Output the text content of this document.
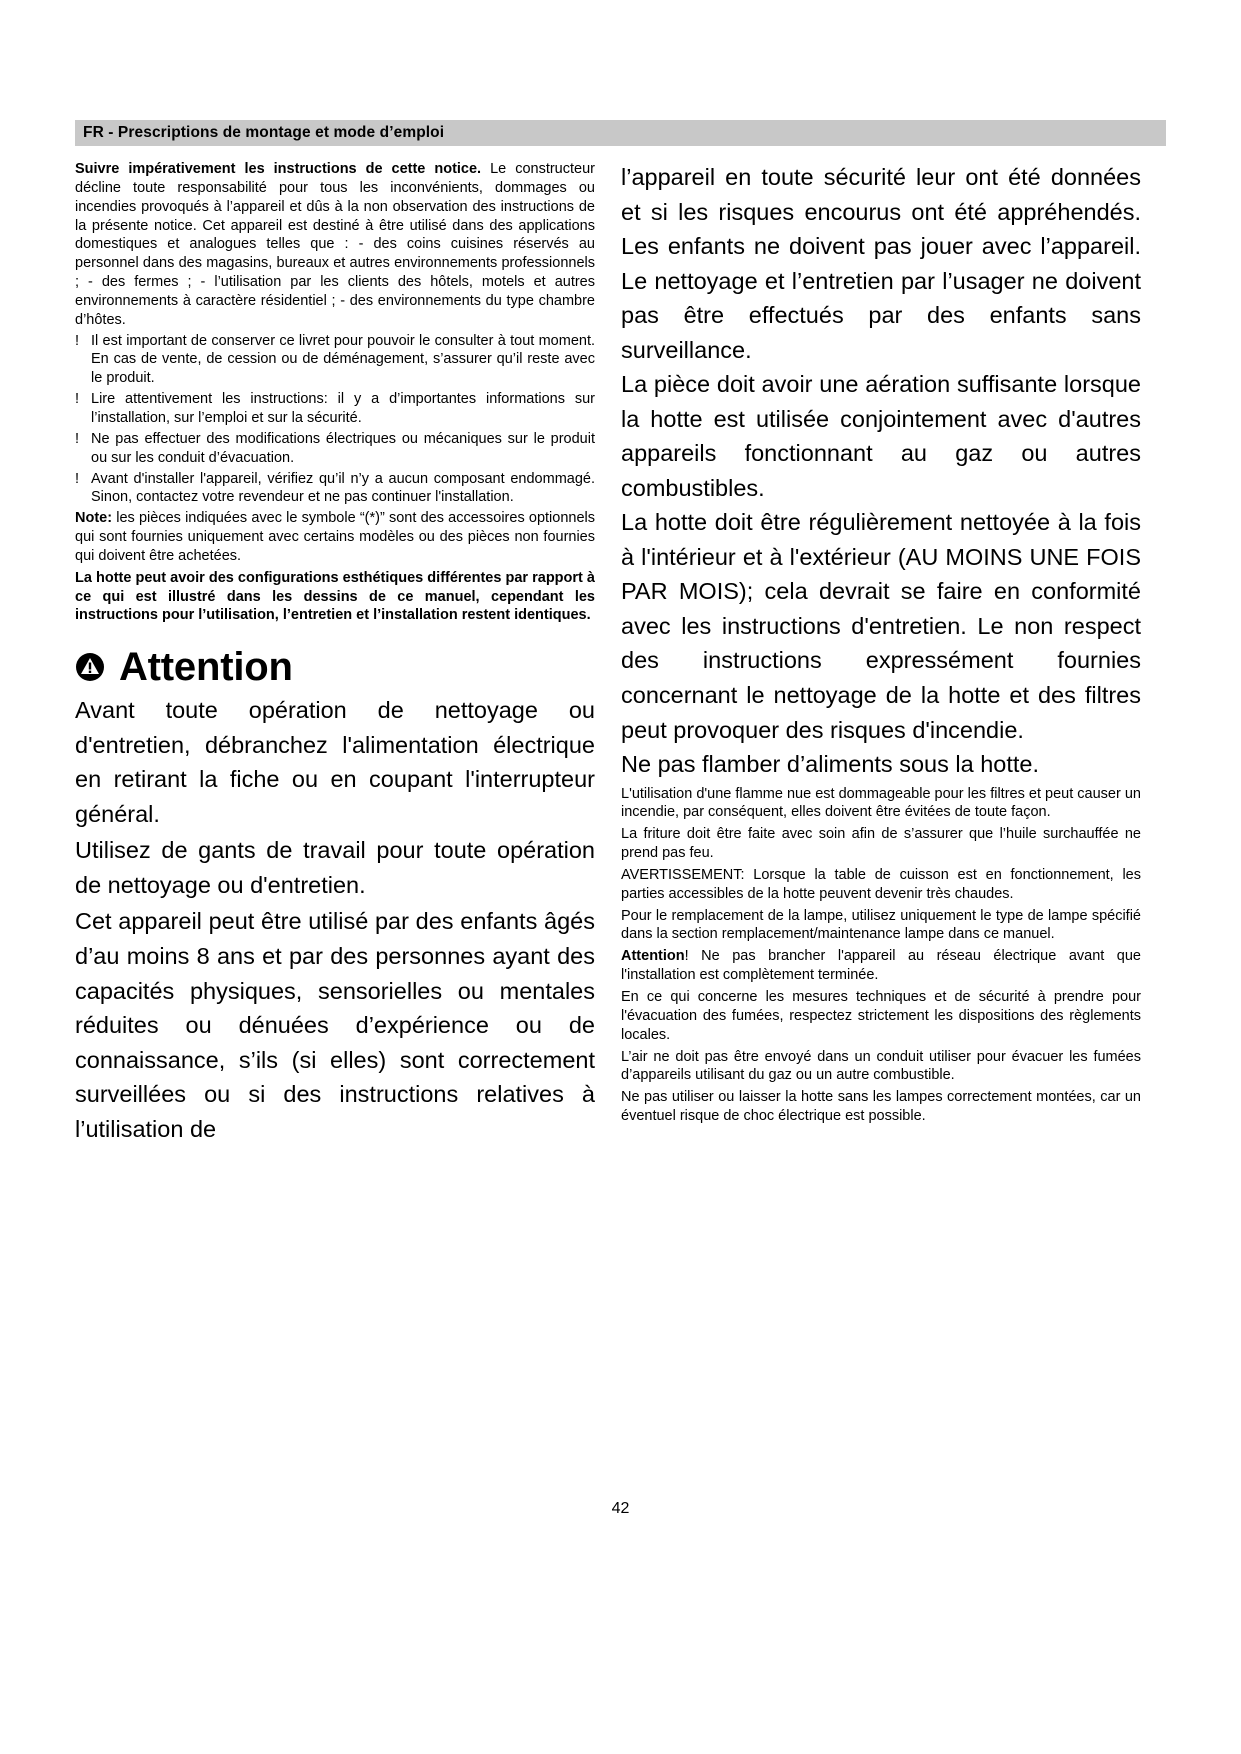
FR - Prescriptions de montage et mode d’emploi

Suivre impérativement les instructions de cette notice. Le constructeur décline toute responsabilité pour tous les inconvénients, dommages ou incendies provoqués à l’appareil et dûs à la non observation des instructions de la présente notice. Cet appareil est destiné à être utilisé dans des applications domestiques et analogues telles que : - des coins cuisines réservés au personnel dans des magasins, bureaux et autres environnements professionnels ; - des fermes ; - l’utilisation par les clients des hôtels, motels et autres environnements à caractère résidentiel ; - des environnements du type chambre d’hôtes.

! Il est important de conserver ce livret pour pouvoir le consulter à tout moment. En cas de vente, de cession ou de déménagement, s’assurer qu’il reste avec le produit.
! Lire attentivement les instructions: il y a d’importantes informations sur l’installation, sur l’emploi et sur la sécurité.
! Ne pas effectuer des modifications électriques ou mécaniques sur le produit ou sur les conduit d’évacuation.
! Avant d'installer l'appareil, vérifiez qu’il n’y a aucun composant endommagé. Sinon, contactez votre revendeur et ne pas continuer l'installation.

Note: les pièces indiquées avec le symbole “(*)” sont des accessoires optionnels qui sont fournies uniquement avec certains modèles ou des pièces non fournies qui doivent être achetées.

La hotte peut avoir des configurations esthétiques différentes par rapport à ce qui est illustré dans les dessins de ce manuel, cependant les instructions pour l’utilisation, l’entretien et l’installation restent identiques.

Attention

Avant toute opération de nettoyage ou d'entretien, débranchez l'alimentation électrique en retirant la fiche ou en coupant l'interrupteur général.

Utilisez de gants de travail pour toute opération de nettoyage ou d'entretien.

Cet appareil peut être utilisé par des enfants âgés d’au moins 8 ans et par des personnes ayant des capacités physiques, sensorielles ou mentales réduites ou dénuées d’expérience ou de connaissance, s’ils (si elles) sont correctement surveillées ou si des instructions relatives à l’utilisation de

l’appareil en toute sécurité leur ont été données et si les risques encourus ont été appréhendés. Les enfants ne doivent pas jouer avec l’appareil. Le nettoyage et l’entretien par l’usager ne doivent pas être effectués par des enfants sans surveillance.

La pièce doit avoir une aération suffisante lorsque la hotte est utilisée conjointement avec d'autres appareils fonctionnant au gaz ou autres combustibles.

La hotte doit être régulièrement nettoyée à la fois à l'intérieur et à l'extérieur (AU MOINS UNE FOIS PAR MOIS); cela devrait se faire en conformité avec les instructions d'entretien. Le non respect des instructions expressément fournies concernant le nettoyage de la hotte et des filtres peut provoquer des risques d'incendie.

Ne pas flamber d’aliments sous la hotte.

L'utilisation d'une flamme nue est dommageable pour les filtres et peut causer un incendie, par conséquent, elles doivent être évitées de toute façon.

La friture doit être faite avec soin afin de s’assurer que l’huile surchauffée ne prend pas feu.

AVERTISSEMENT: Lorsque la table de cuisson est en fonctionnement, les parties accessibles de la hotte peuvent devenir très chaudes.

Pour le remplacement de la lampe, utilisez uniquement le type de lampe spécifié dans la section remplacement/maintenance lampe dans ce manuel.

Attention! Ne pas brancher l'appareil au réseau électrique avant que l'installation est complètement terminée.

En ce qui concerne les mesures techniques et de sécurité à prendre pour l'évacuation des fumées, respectez strictement les dispositions des règlements locales.

L’air ne doit pas être envoyé dans un conduit utiliser pour évacuer les fumées d’appareils utilisant du gaz ou un autre combustible.

Ne pas utiliser ou laisser la hotte sans les lampes correctement montées, car un éventuel risque de choc électrique est possible.

42
